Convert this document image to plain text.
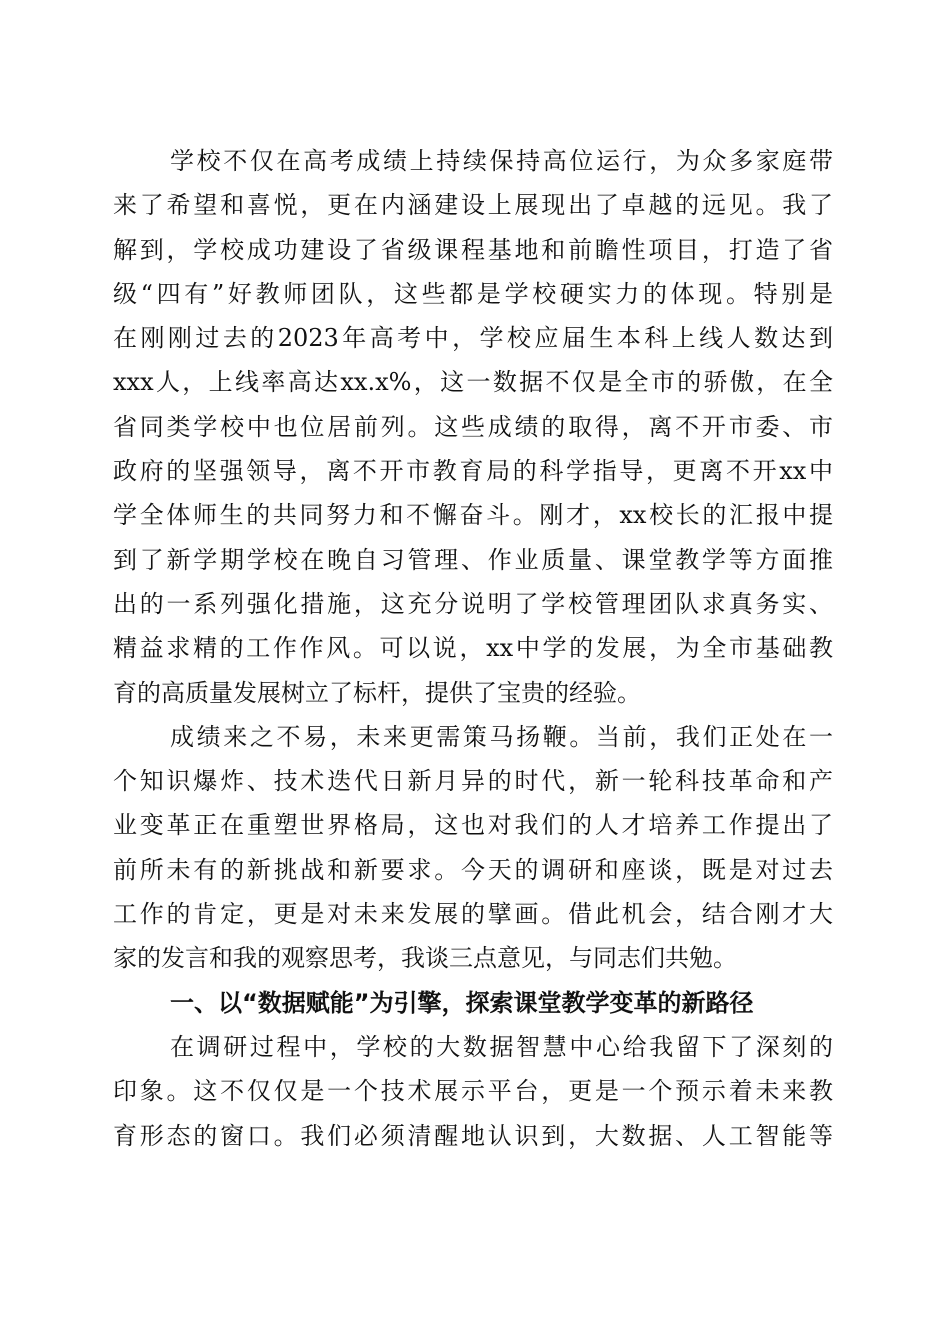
学校不仅在高考成绩上持续保持高位运行，为众多家庭带
来了希望和喜悦，更在内涵建设上展现出了卓越的远见。我了
解到，学校成功建设了省级课程基地和前瞻性项目，打造了省
级“四有”好教师团队，这些都是学校硬实力的体现。特别是
在刚刚过去的2023年高考中，学校应届生本科上线人数达到
xxx人，上线率高达xx.x%，这一数据不仅是全市的骄傲，在全
省同类学校中也位居前列。这些成绩的取得，离不开市委、市
政府的坚强领导，离不开市教育局的科学指导，更离不开xx中
学全体师生的共同努力和不懈奋斗。刚才，xx校长的汇报中提
到了新学期学校在晚自习管理、作业质量、课堂教学等方面推
出的一系列强化措施，这充分说明了学校管理团队求真务实、
精益求精的工作作风。可以说，xx中学的发展，为全市基础教
育的高质量发展树立了标杆，提供了宝贵的经验。
成绩来之不易，未来更需策马扬鞭。当前，我们正处在一
个知识爆炸、技术迭代日新月异的时代，新一轮科技革命和产
业变革正在重塑世界格局，这也对我们的人才培养工作提出了
前所未有的新挑战和新要求。今天的调研和座谈，既是对过去
工作的肯定，更是对未来发展的擘画。借此机会，结合刚才大
家的发言和我的观察思考，我谈三点意见，与同志们共勉。
一、以“数据赋能”为引擎，探索课堂教学变革的新路径
在调研过程中，学校的大数据智慧中心给我留下了深刻的
印象。这不仅仅是一个技术展示平台，更是一个预示着未来教
育形态的窗口。我们必须清醒地认识到，大数据、人工智能等
